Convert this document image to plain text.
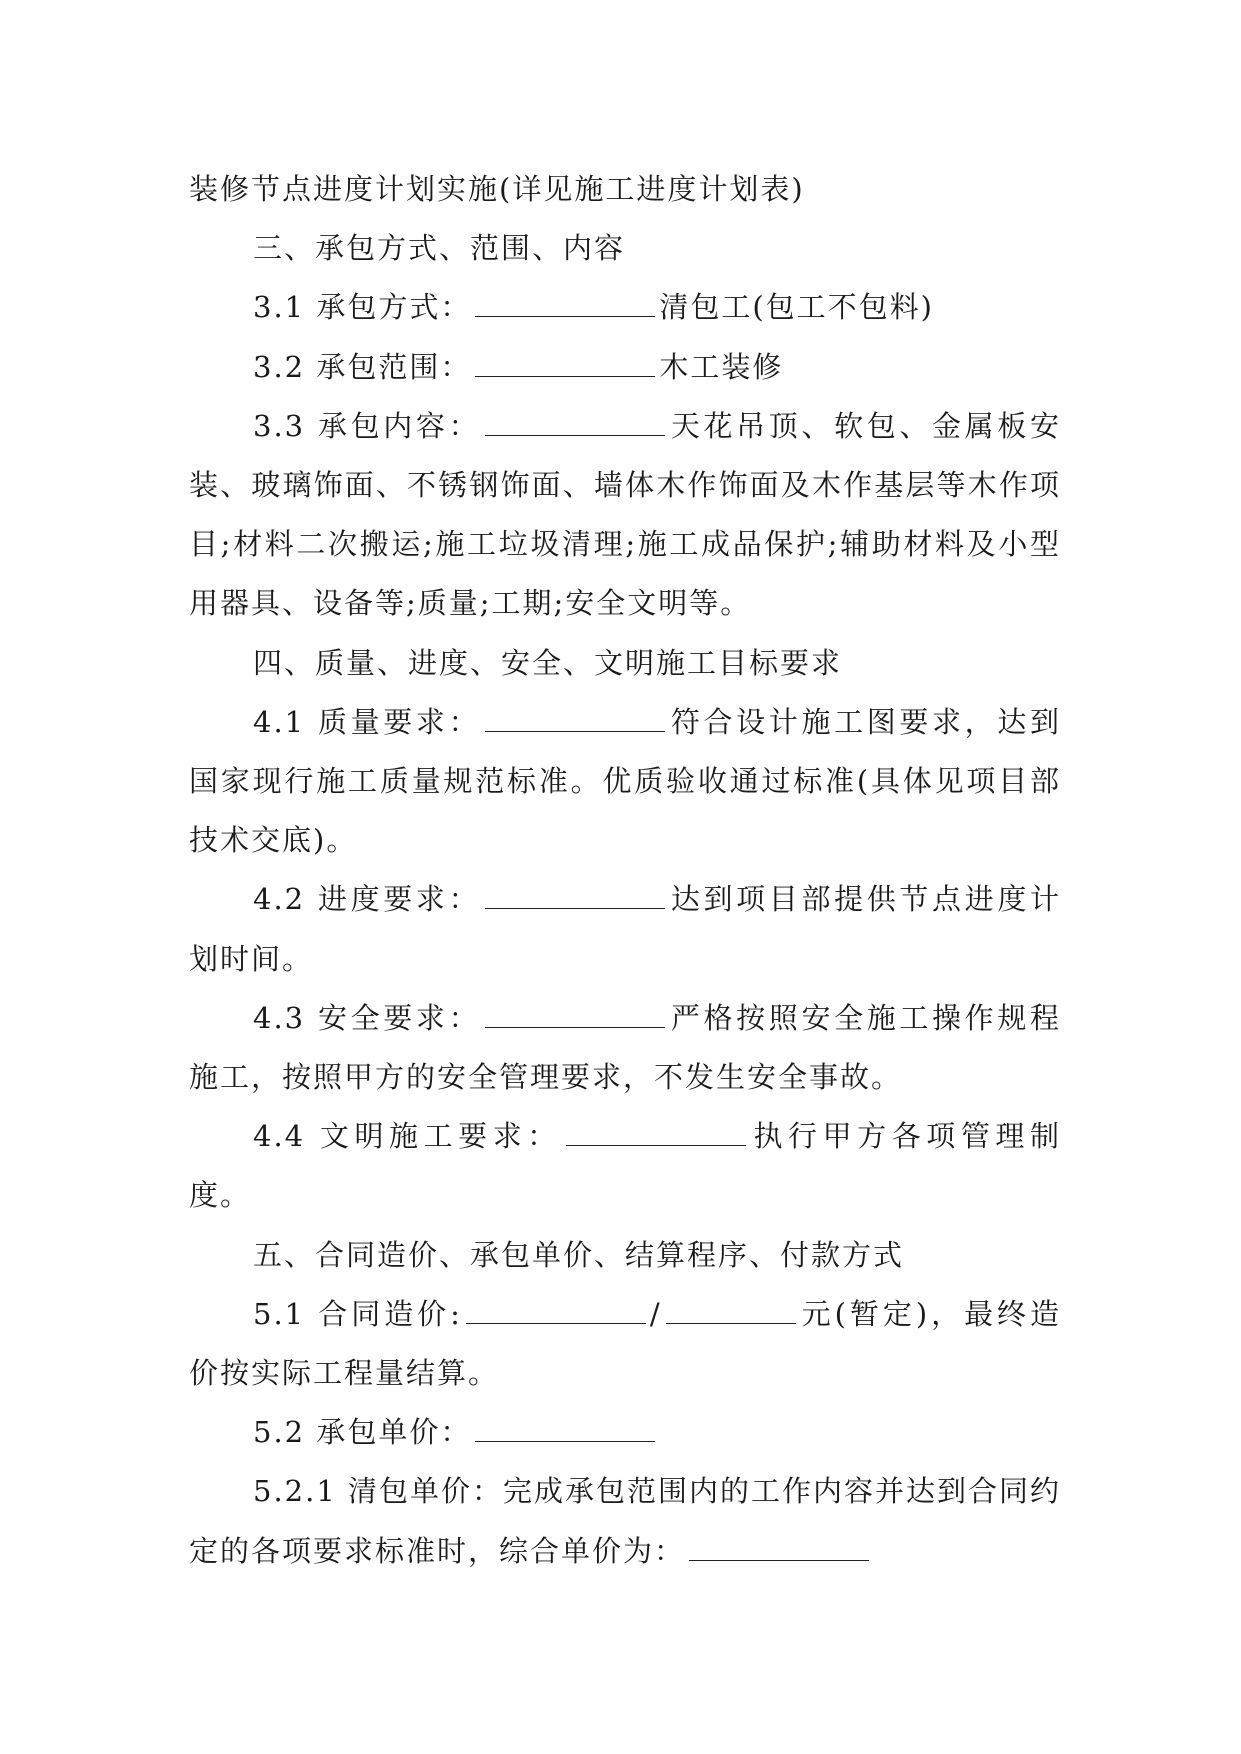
装修节点进度计划实施(详见施工进度计划表)

三、承包方式、范围、内容

3.1 承包方式：	清包工(包工不包料)

3.2 承包范围：	木工装修

3.3 承包内容：	天花吊顶、软包、金属板安装、玻璃饰面、不锈钢饰面、墙体木作饰面及木作基层等木作项目;材料二次搬运;施工垃圾清理;施工成品保护;辅助材料及小型用器具、设备等;质量;工期;安全文明等。

四、质量、进度、安全、文明施工目标要求

4.1 质量要求：	符合设计施工图要求，达到国家现行施工质量规范标准。优质验收通过标准(具体见项目部技术交底)。

4.2 进度要求：	达到项目部提供节点进度计划时间。

4.3 安全要求：	严格按照安全施工操作规程施工，按照甲方的安全管理要求，不发生安全事故。

4.4 文明施工要求：	执行甲方各项管理制度。

五、合同造价、承包单价、结算程序、付款方式

5.1 合同造价:	/	元(暂定)，最终造价按实际工程量结算。

5.2 承包单价：

5.2.1 清包单价：完成承包范围内的工作内容并达到合同约定的各项要求标准时，综合单价为：
